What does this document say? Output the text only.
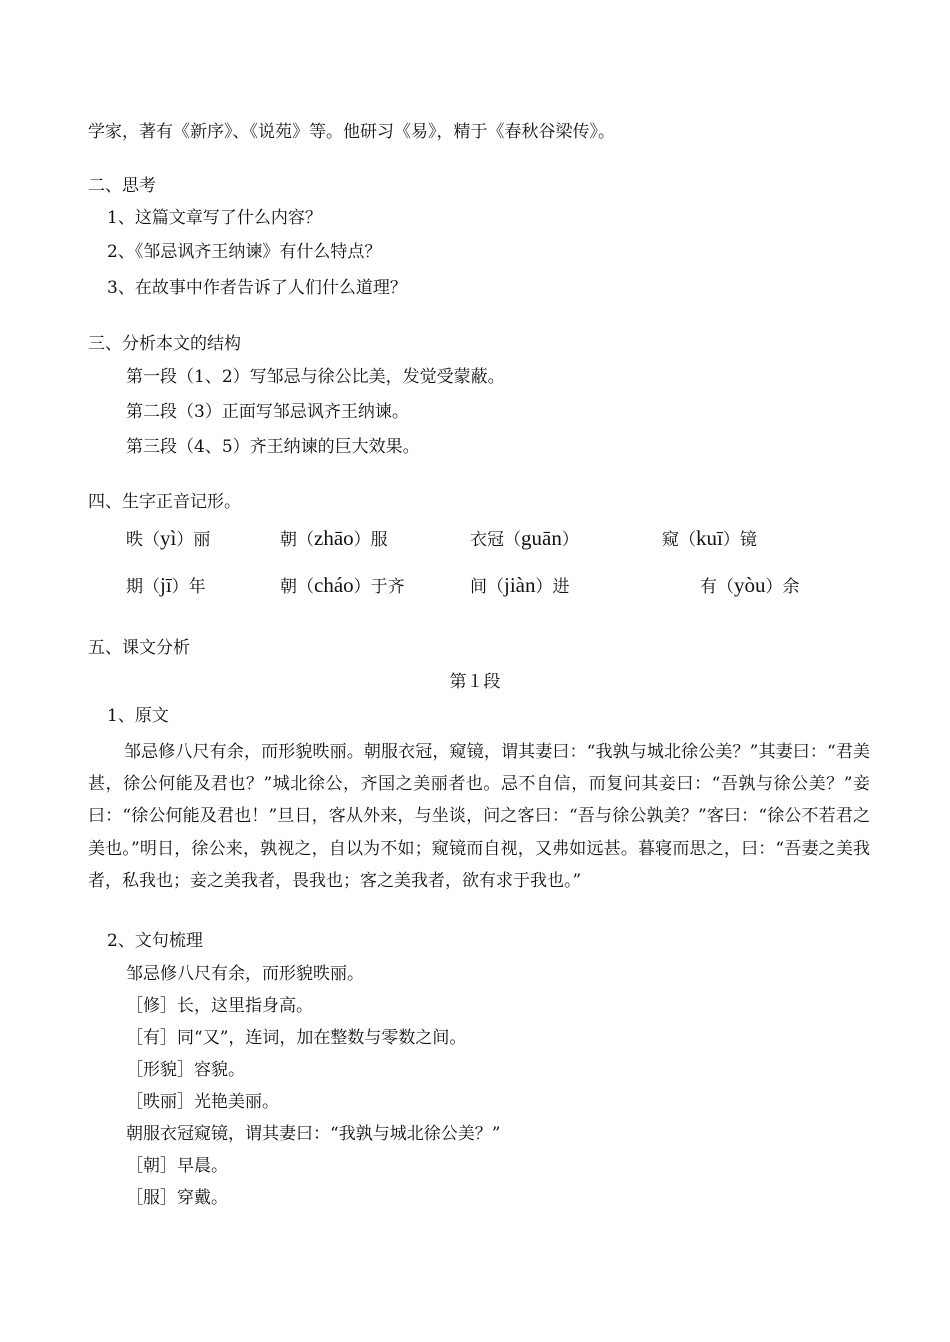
学家，著有《新序》、《说苑》等。他研习《易》，精于《春秋谷梁传》。
二、思考
1、这篇文章写了什么内容？
2、《邹忌讽齐王纳谏》有什么特点？
3、在故事中作者告诉了人们什么道理？
三、分析本文的结构
第一段（1、2）写邹忌与徐公比美，发觉受蒙蔽。
第二段（3）正面写邹忌讽齐王纳谏。
第三段（4、5）齐王纳谏的巨大效果。
四、生字正音记形。
昳（yì）丽	朝（zhāo）服	衣冠（guān）	窥（kuī）镜
期（jī）年	朝（cháo）于齐	间（jiàn）进	有（yòu）余
五、课文分析
第１段
1、原文
邹忌修八尺有余，而形貌昳丽。朝服衣冠，窥镜，谓其妻曰：“我孰与城北徐公美？”其妻曰：“君美甚，徐公何能及君也？”城北徐公，齐国之美丽者也。忌不自信，而复问其妾曰：“吾孰与徐公美？”妾曰：“徐公何能及君也！”旦日，客从外来，与坐谈，问之客曰：“吾与徐公孰美？”客曰：“徐公不若君之美也。”明日，徐公来，孰视之，自以为不如；窥镜而自视，又弗如远甚。暮寝而思之，曰：“吾妻之美我者，私我也；妾之美我者，畏我也；客之美我者，欲有求于我也。”
2、文句梳理
邹忌修八尺有余，而形貌昳丽。
［修］长，这里指身高。
［有］同“又”，连词，加在整数与零数之间。
［形貌］容貌。
［昳丽］光艳美丽。
朝服衣冠窥镜，谓其妻曰：“我孰与城北徐公美？”
［朝］早晨。
［服］穿戴。
